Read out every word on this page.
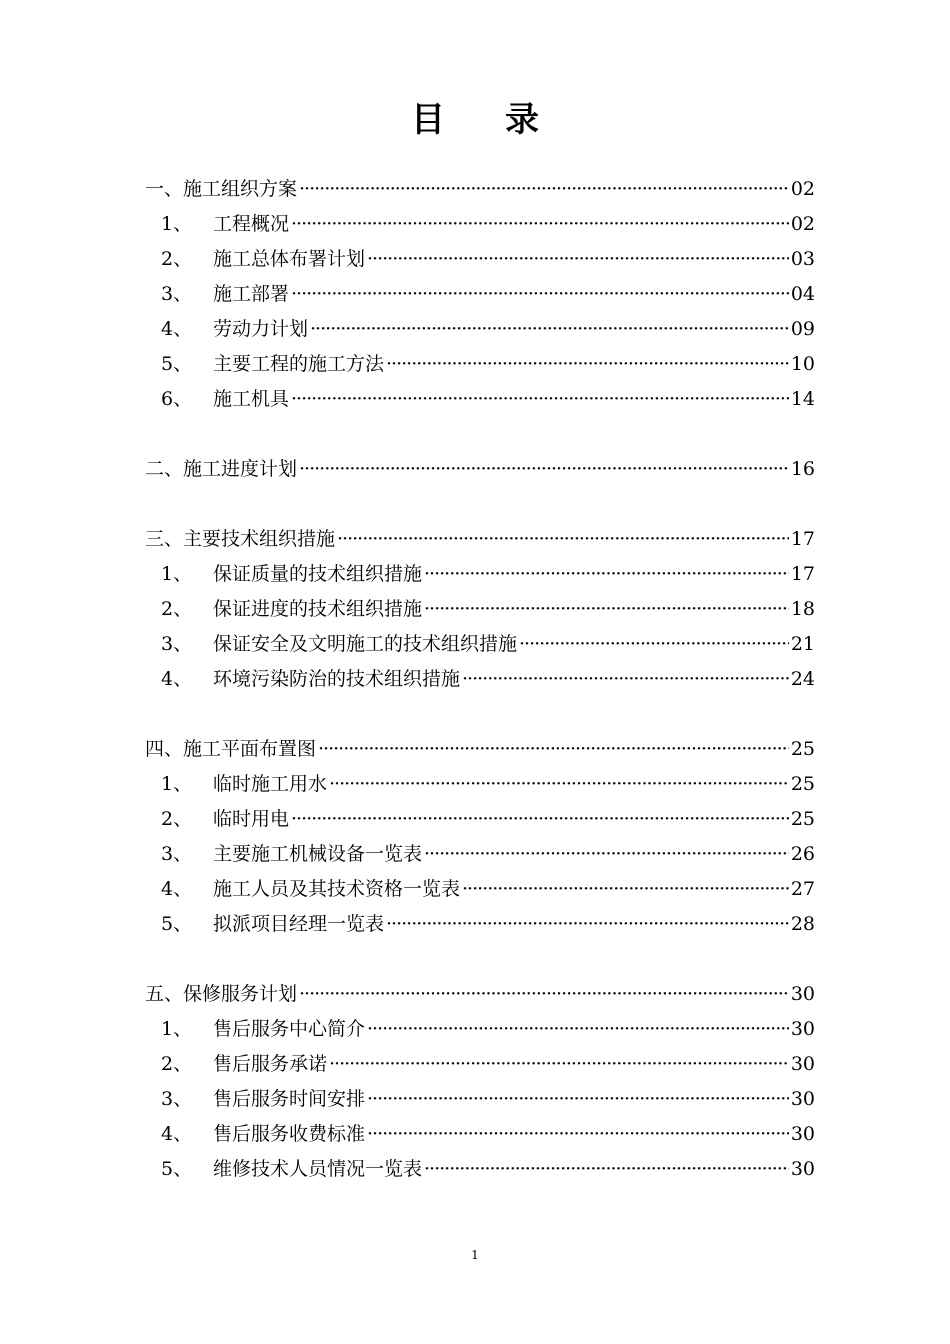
目录
一、施工组织方案 ·····	02
1、	工程概况 ·····	02
2、	施工总体布署计划 ·····	03
3、	施工部署 ·····	04
4、	劳动力计划 ·····	09
5、	主要工程的施工方法 ·····	10
6、	施工机具 ·····	14
二、施工进度计划 ·····	16
三、主要技术组织措施 ·····	17
1、	保证质量的技术组织措施 ·····	17
2、	保证进度的技术组织措施 ·····	18
3、	保证安全及文明施工的技术组织措施 ·····	21
4、	环境污染防治的技术组织措施 ·····	24
四、施工平面布置图 ·····	25
1、	临时施工用水 ·····	25
2、	临时用电 ·····	25
3、	主要施工机械设备一览表 ·····	26
4、	施工人员及其技术资格一览表 ·····	27
5、	拟派项目经理一览表 ·····	28
五、保修服务计划 ·····	30
1、	售后服务中心简介 ·····	30
2、	售后服务承诺 ·····	30
3、	售后服务时间安排 ·····	30
4、	售后服务收费标准 ·····	30
5、	维修技术人员情况一览表 ·····	30
1
